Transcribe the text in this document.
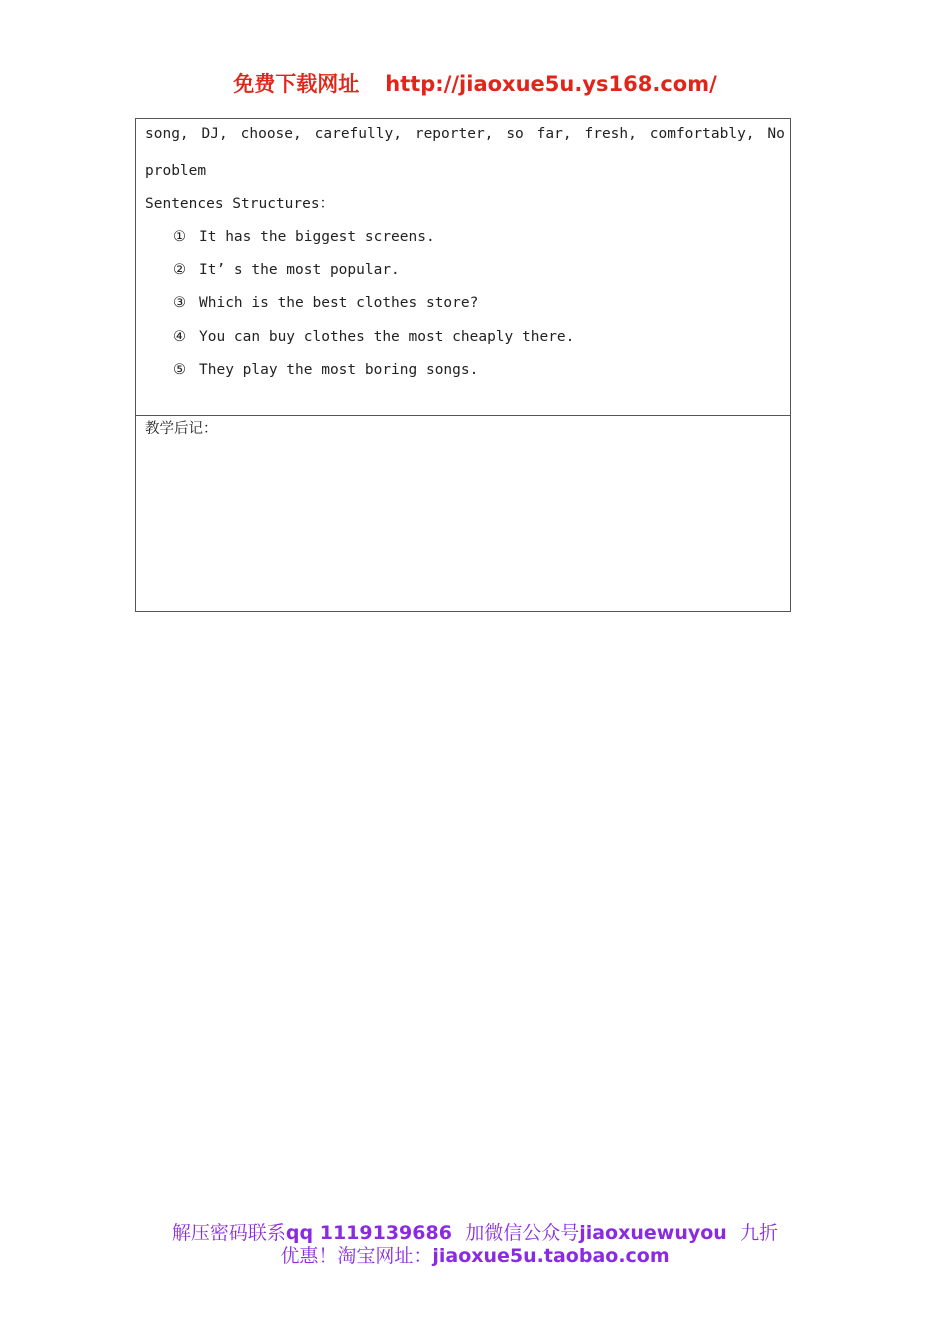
免费下载网址 http://jiaoxue5u.ys168.com/
song, DJ, choose, carefully, reporter, so far, fresh, comfortably, No
problem
Sentences Structures：
① It has the biggest screens.
② It’ s the most popular.
③ Which is the best clothes store?
④ You can buy clothes the most cheaply there.
⑤ They play the most boring songs.
教学后记：
解压密码联系qq 1119139686 加微信公众号jiaoxuewuyou 九折
优惠！淘宝网址：jiaoxue5u.taobao.com
